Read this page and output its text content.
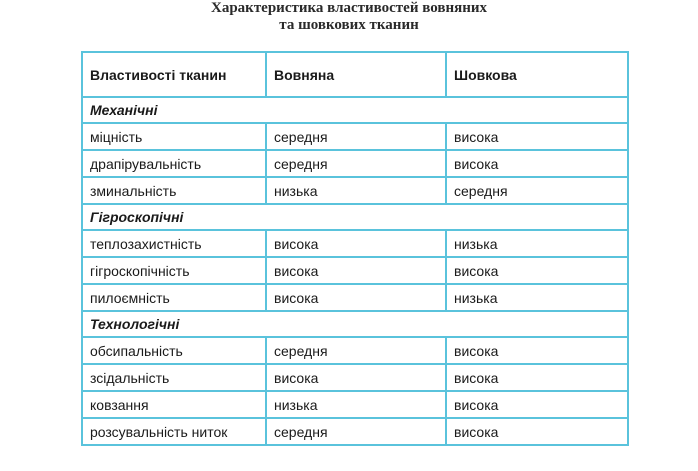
Характеристика властивостей вовняних
та шовкових тканин
Властивості тканин	Вовняна	Шовкова
Механічні		
міцність	середня	висока
драпірувальність	середня	висока
зминальність	низька	середня
Гігроскопічні		
теплозахистність	висока	низька
гігроскопічність	висока	висока
пилоємність	висока	низька
Технологічні		
обсипальність	середня	висока
зсідальність	висока	висока
ковзання	низька	висока
розсувальність ниток	середня	висока
